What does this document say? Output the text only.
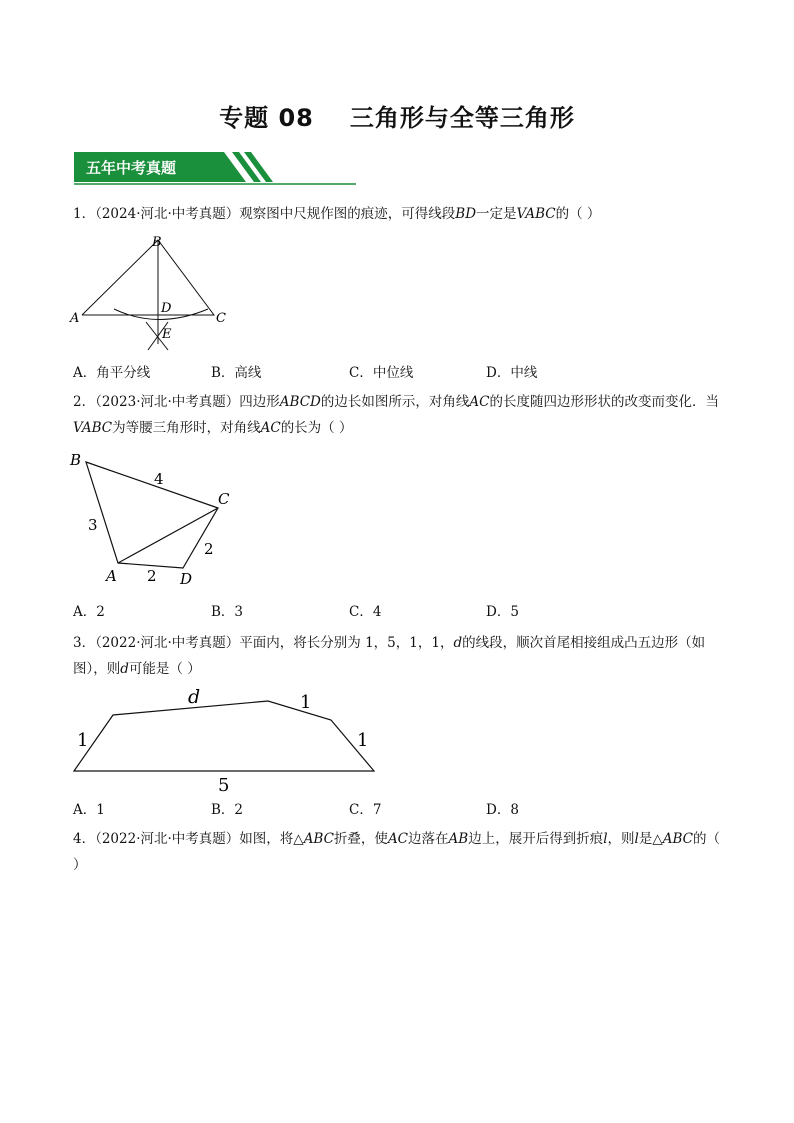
专题 08 三角形与全等三角形
五年中考真题
1．（2024·河北·中考真题）观察图中尺规作图的痕迹，可得线段BD一定是VABC的（ ）
B
A	C
D
E
A．角平分线	B．高线	C．中位线	D．中线
2．（2023·河北·中考真题）四边形ABCD的边长如图所示，对角线AC的长度随四边形形状的改变而变化．当VABC为等腰三角形时，对角线AC的长为（ ）
B
C
A	D
4
3
2
2
A．2	B．3	C．4	D．5
3．（2022·河北·中考真题）平面内，将长分别为 1，5，1，1，d的线段，顺次首尾相接组成凸五边形（如图），则d可能是（ ）
d	1
1	1
5
A．1	B．2	C．7	D．8
4．（2022·河北·中考真题）如图，将△ABC折叠，使AC边落在AB边上，展开后得到折痕l，则l是△ABC的（ ）
